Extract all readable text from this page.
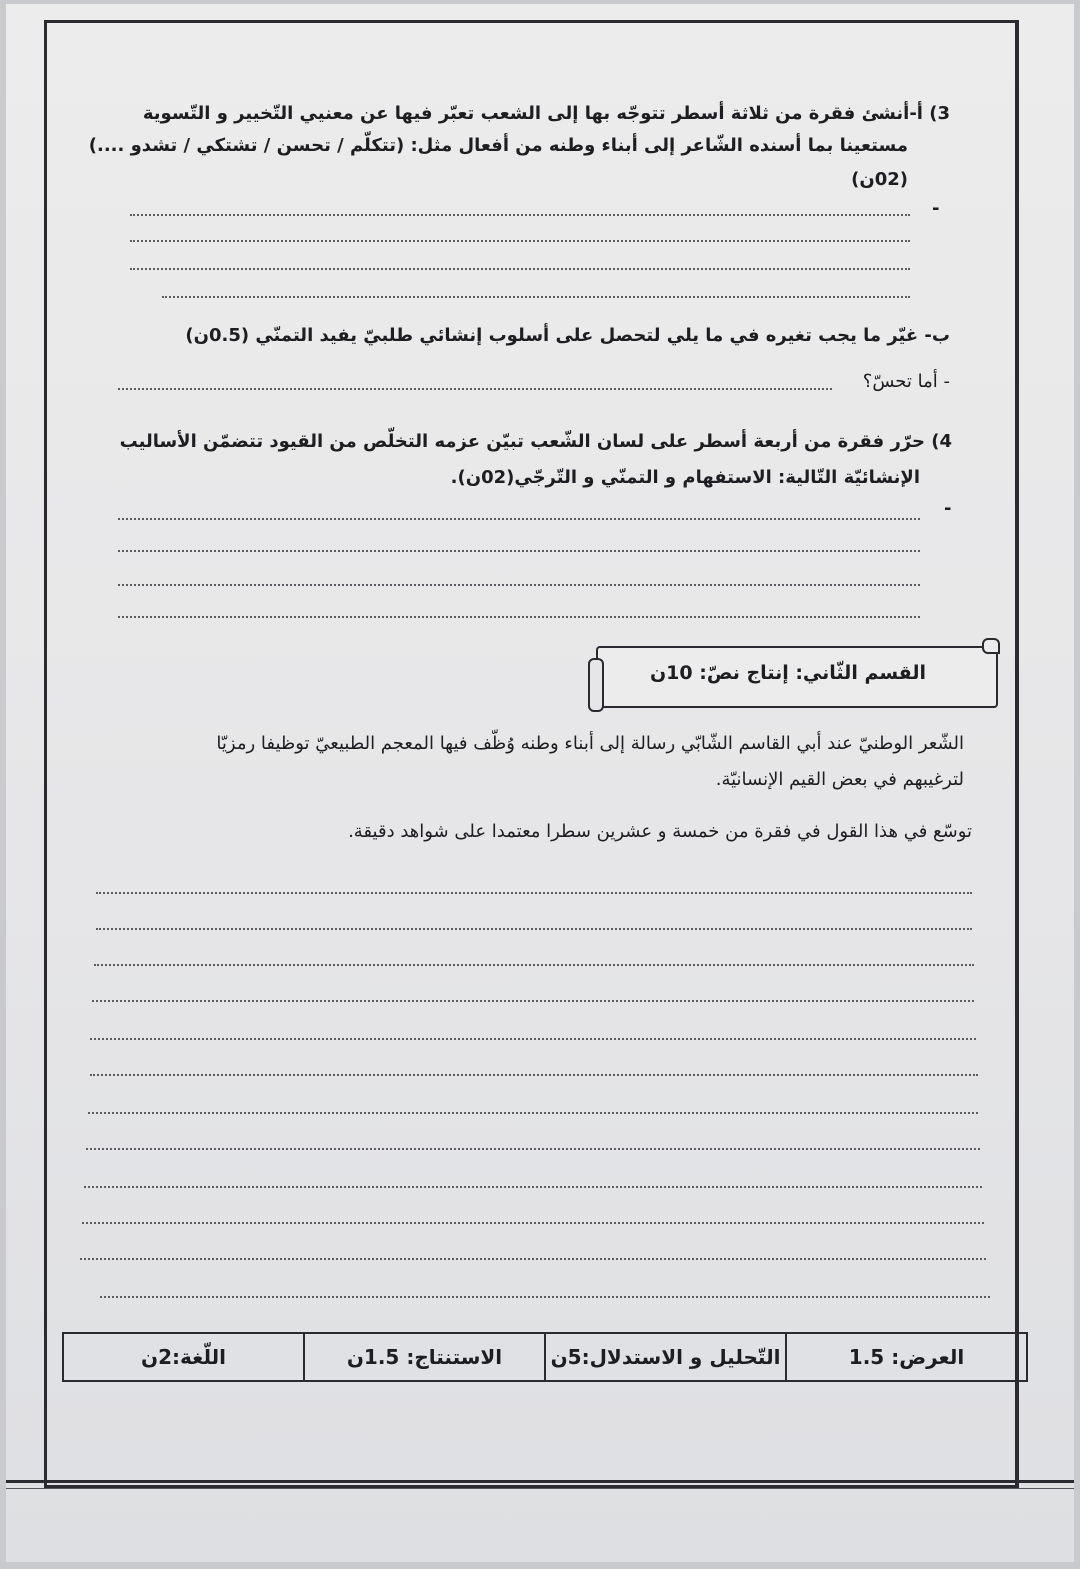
3) أ-أنشئ فقرة من ثلاثة أسطر تتوجّه بها إلى الشعب تعبّر فيها عن معنيي التّخيير و التّسوية
مستعينا بما أسنده الشّاعر إلى أبناء وطنه من أفعال مثل: (تتكلّم / تحسن / تشتكي / تشدو ....)
(02ن)
-
ب- غيّر ما يجب تغيره في ما يلي لتحصل على أسلوب إنشائي طلبيّ يفيد التمنّي (0.5ن)
- أما تحسّ؟
4) حرّر فقرة من أربعة أسطر على لسان الشّعب تبيّن عزمه التخلّص من القيود تتضمّن الأساليب
الإنشائيّة التّالية: الاستفهام و التمنّي و التّرجّي(02ن).
-
القسم الثّاني: إنتاج نصّ: 10ن
الشّعر الوطنيّ عند أبي القاسم الشّابّي رسالة إلى أبناء وطنه وُظّف فيها المعجم الطبيعيّ توظيفا رمزيّا
لترغيبهم في بعض القيم الإنسانيّة.
توسّع في هذا القول في فقرة من خمسة و عشرين سطرا معتمدا على شواهد دقيقة.
العرض: 1.5
التّحليل و الاستدلال:5ن
الاستنتاج: 1.5ن
اللّغة:2ن
